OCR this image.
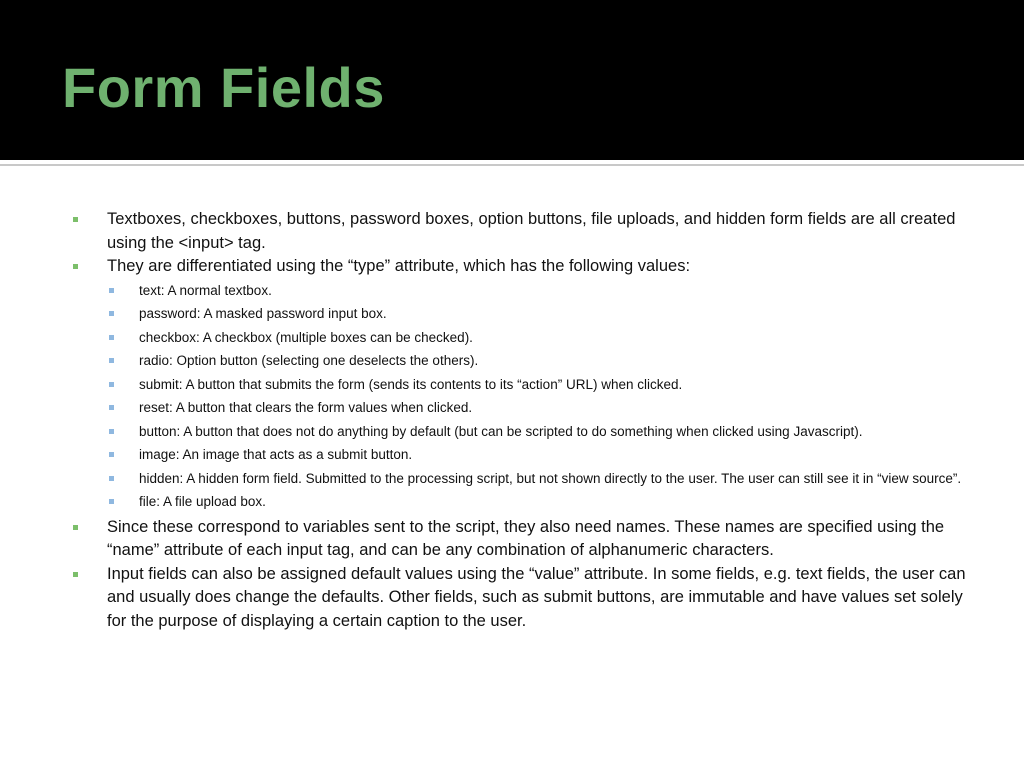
Form Fields
Textboxes, checkboxes, buttons, password boxes, option buttons, file uploads, and hidden form fields are all created using the <input> tag.
They are differentiated using the “type” attribute, which has the following values:
text: A normal textbox.
password: A masked password input box.
checkbox: A checkbox (multiple boxes can be checked).
radio: Option button (selecting one deselects the others).
submit: A button that submits the form (sends its contents to its “action” URL) when clicked.
reset: A button that clears the form values when clicked.
button: A button that does not do anything by default (but can be scripted to do something when clicked using Javascript).
image: An image that acts as a submit button.
hidden: A hidden form field. Submitted to the processing script, but not shown directly to the user. The user can still see it in “view source”.
file: A file upload box.
Since these correspond to variables sent to the script, they also need names. These names are specified using the “name” attribute of each input tag, and can be any combination of alphanumeric characters.
Input fields can also be assigned default values using the “value” attribute. In some fields, e.g. text fields, the user can and usually does change the defaults. Other fields, such as submit buttons, are immutable and have values set solely for the purpose of displaying a certain caption to the user.
